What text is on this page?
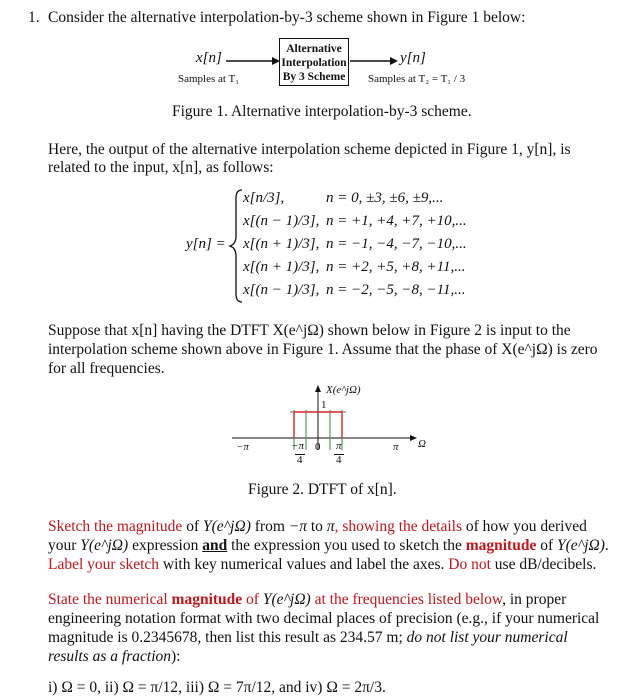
1. Consider the alternative interpolation-by-3 scheme shown in Figure 1 below:
x[n]
Samples at T₁
Alternative
Interpolation
By 3 Scheme
y[n]
Samples at T₂ = T₁ / 3
Figure 1. Alternative interpolation-by-3 scheme.
Here, the output of the alternative interpolation scheme depicted in Figure 1, y[n], is
related to the input, x[n], as follows:
y[n] =
x[n/3],	n = 0, ±3, ±6, ±9,...
x[(n − 1)/3], n = +1, +4, +7, +10,...
x[(n + 1)/3], n = −1, −4, −7, −10,...
x[(n + 1)/3], n = +2, +5, +8, +11,...
x[(n − 1)/3], n = −2, −5, −8, −11,...
Suppose that x[n] having the DTFT X(e^jΩ) shown below in Figure 2 is input to the
interpolation scheme shown above in Figure 1. Assume that the phase of X(e^jΩ) is zero
for all frequencies.
X(e^jΩ)
1
−π	−π
4
0 π
4
π Ω
Figure 2. DTFT of x[n].
Sketch the magnitude of Y(e^jΩ) from −π to π, showing the details of how you derived
your Y(e^jΩ) expression and the expression you used to sketch the magnitude of Y(e^jΩ).
Label your sketch with key numerical values and label the axes. Do not use dB/decibels.
State the numerical magnitude of Y(e^jΩ) at the frequencies listed below, in proper
engineering notation format with two decimal places of precision (e.g., if your numerical
magnitude is 0.2345678, then list this result as 234.57 m; do not list your numerical
results as a fraction):
i) Ω = 0, ii) Ω = π/12, iii) Ω = 7π/12, and iv) Ω = 2π/3.
